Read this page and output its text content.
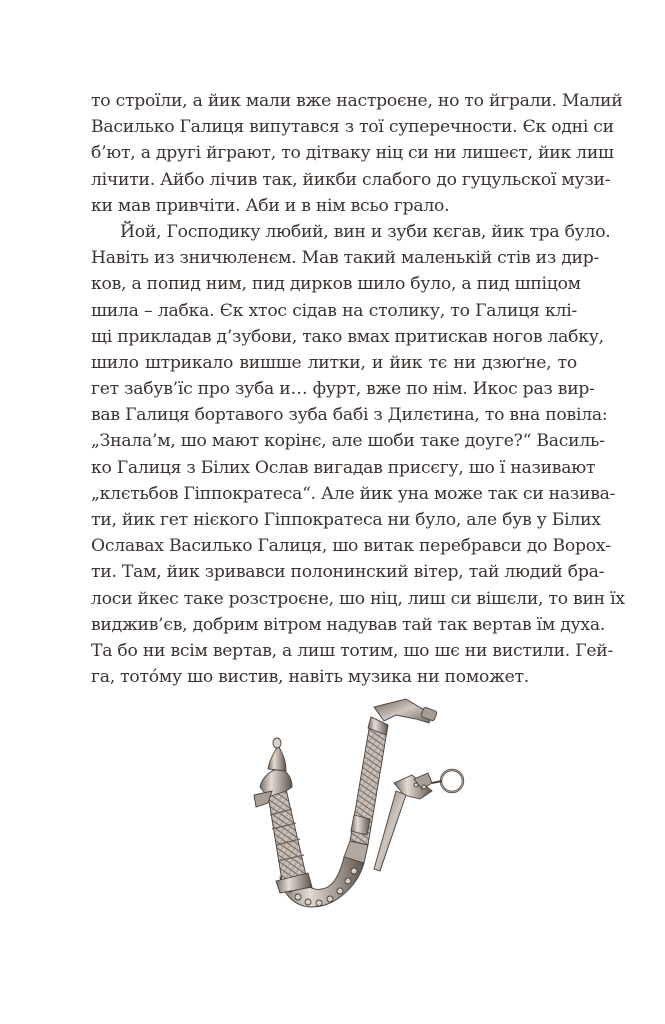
то строїли, а йик мали вже настроєне, но то йграли. Малий
Василько Галиця випутався з тої суперечности. Єк одні си
б’ют, а другі йграют, то дітваку ніц си ни лишеєт, йик лиш
лічити. Айбо лічив так, йикби слабого до гуцульскої музи-
ки мав привчіти. Аби и в нім всьо грало.
Йой, Господику любий, вин и зуби кєгав, йик тра було.
Навіть из зничюленєм. Мав такий маленькій стів из дир-
ков, а попид ним, пид дирков шило було, а пид шпіцом
шила – лабка. Єк хтос сідав на столику, то Галиця клі-
щі прикладав д’зубови, тако вмах притискав ногов лабку,
шило штрикало вишше литки, и йик тє ни дзюґне, то
гет забув’їс про зуба и… фурт, вже по нім. Икос раз вир-
вав Галиця бортавого зуба бабі з Дилєтина, то вна повіла:
„Знала’м, шо мают корінє, але шоби таке доуге?“ Василь-
ко Галиця з Білих Ослав вигадав присєгу, шо ї називают
„клєтьбов Гіппократеса“. Але йик уна може так си назива-
ти, йик гет нієкого Гіппократеса ни було, але був у Білих
Ославах Василько Галиця, шо витак перебравси до Ворох-
ти. Там, йик зривавси полонинский вітер, тай людий бра-
лоси йкес таке розстроєне, шо ніц, лиш си вішєли, то вин їх
виджив’єв, добрим вітром надував тай так вертав їм духа.
Та бо ни всім вертав, а лиш тотим, шо шє ни вистили. Гей-
га, тото́му шо вистив, навіть музика ни поможет.
